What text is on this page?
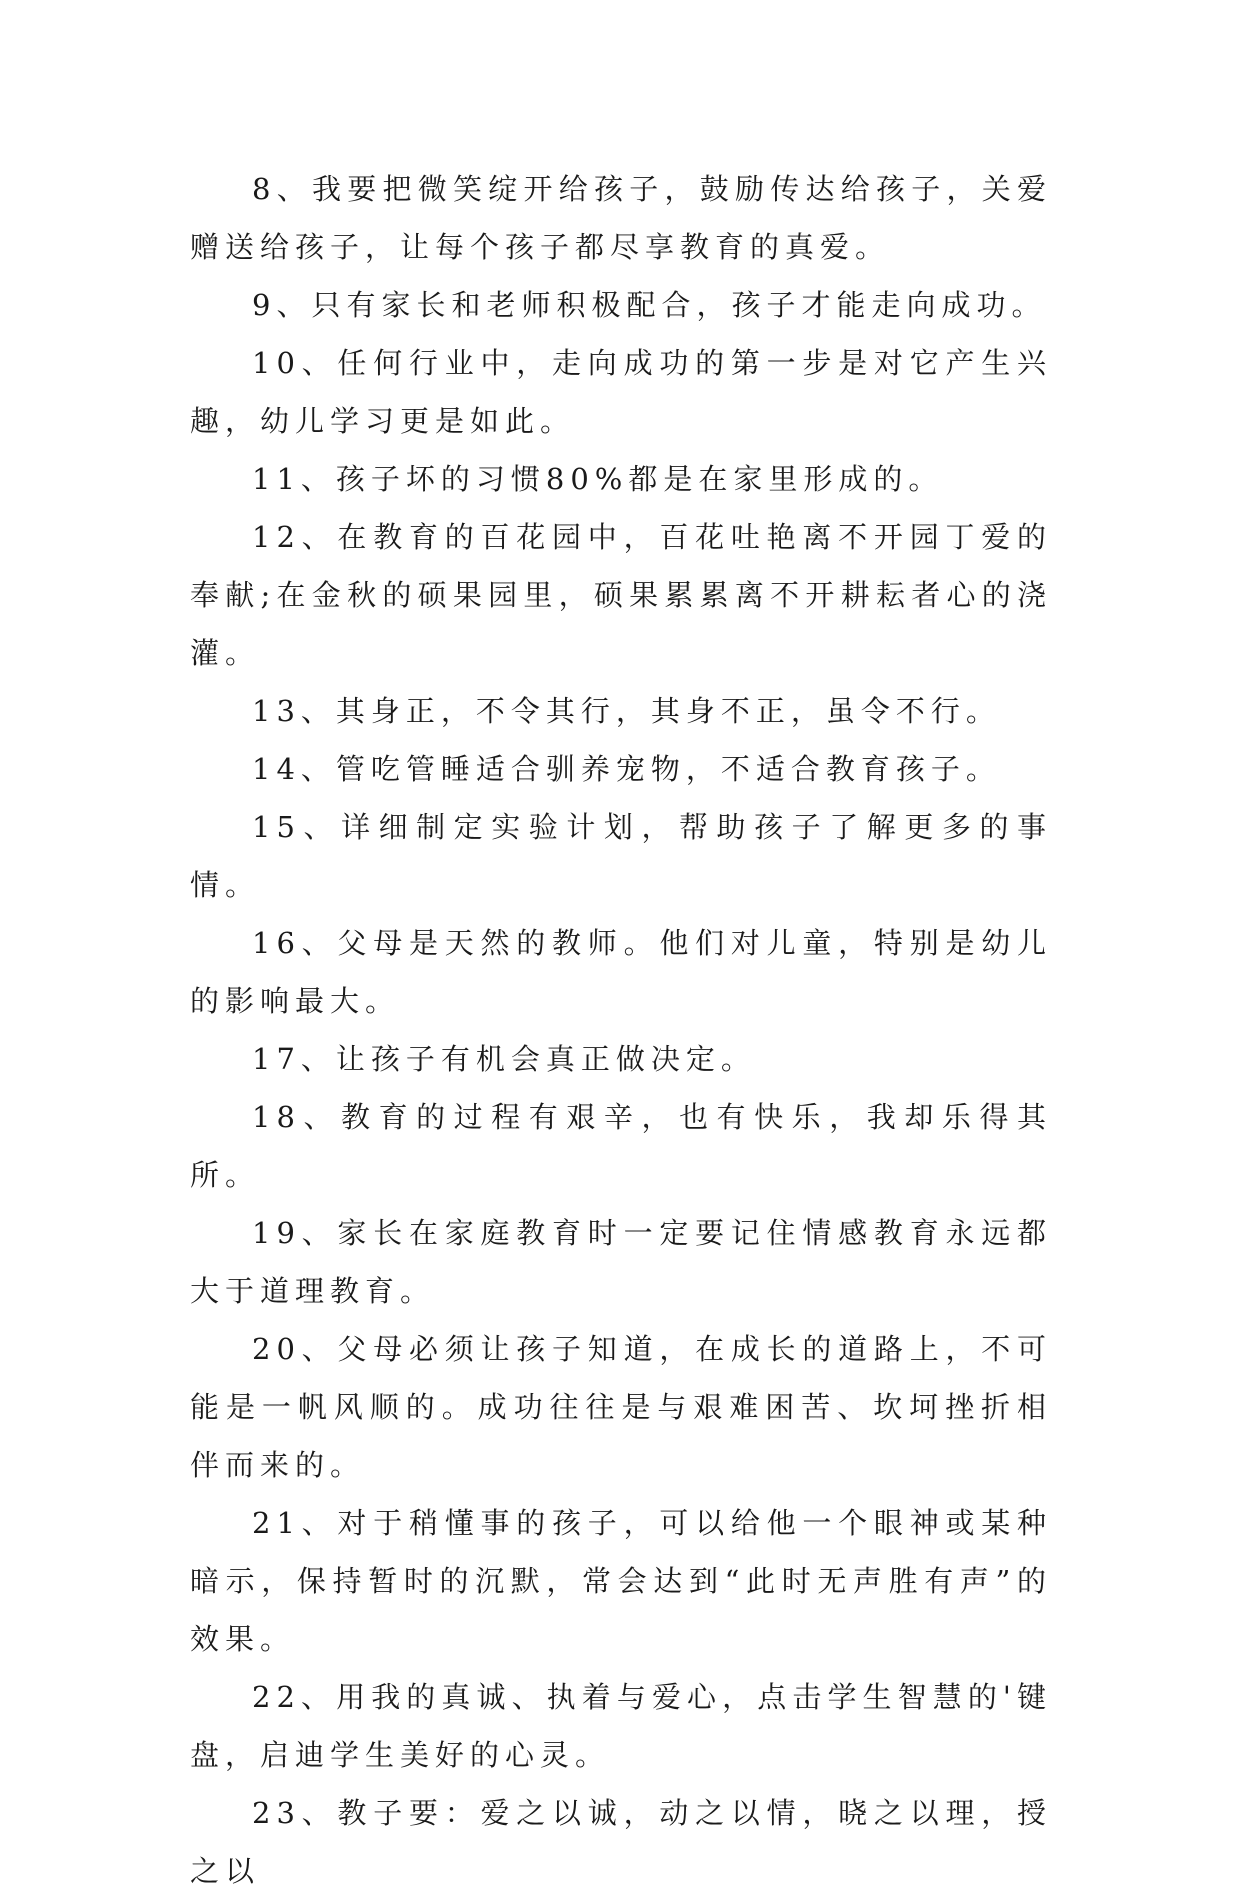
8、我要把微笑绽开给孩子，鼓励传达给孩子，关爱赠送给孩子，让每个孩子都尽享教育的真爱。

9、只有家长和老师积极配合，孩子才能走向成功。

10、任何行业中，走向成功的第一步是对它产生兴趣，幼儿学习更是如此。

11、孩子坏的习惯80%都是在家里形成的。

12、在教育的百花园中，百花吐艳离不开园丁爱的奉献;在金秋的硕果园里，硕果累累离不开耕耘者心的浇灌。

13、其身正，不令其行，其身不正，虽令不行。

14、管吃管睡适合驯养宠物，不适合教育孩子。

15、详细制定实验计划，帮助孩子了解更多的事情。

16、父母是天然的教师。他们对儿童，特别是幼儿的影响最大。

17、让孩子有机会真正做决定。

18、教育的过程有艰辛，也有快乐，我却乐得其所。

19、家长在家庭教育时一定要记住情感教育永远都大于道理教育。

20、父母必须让孩子知道，在成长的道路上，不可能是一帆风顺的。成功往往是与艰难困苦、坎坷挫折相伴而来的。

21、对于稍懂事的孩子，可以给他一个眼神或某种暗示，保持暂时的沉默，常会达到“此时无声胜有声”的效果。

22、用我的真诚、执着与爱心，点击学生智慧的'键盘，启迪学生美好的心灵。

23、教子要：爱之以诚，动之以情，晓之以理，授之以
